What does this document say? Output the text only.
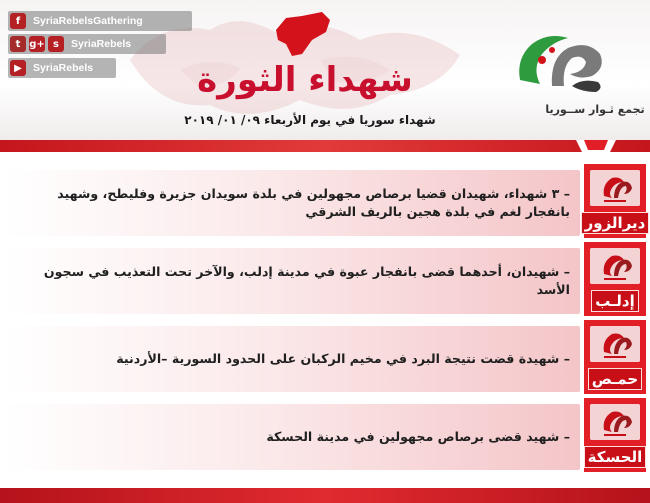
f	SyriaRebelsGathering
t g+ s	SyriaRebels
▶	SyriaRebels	شهداء الثورة
شهداء سوريا في يوم الأربعاء ٠٩/ ٠١/ ٢٠١٩
تجمع ثـوار ســوريا
– ٣ شهداء، شهيدان قضيا برصاص مجهولين في بلدة سويدان جزيرة وفليطح، وشهيد بانفجار لغم في بلدة هجين بالريف الشرقي
ديرالزور
– شهيدان، أحدهما قضى بانفجار عبوة في مدينة إدلب، والآخر تحت التعذيب في سجون الأسد
إدلـب
– شهيدة قضت نتيجة البرد في مخيم الركبان على الحدود السورية –الأردنية
حمـص
– شهيد قضى برصاص مجهولين في مدينة الحسكة
الحسكة
